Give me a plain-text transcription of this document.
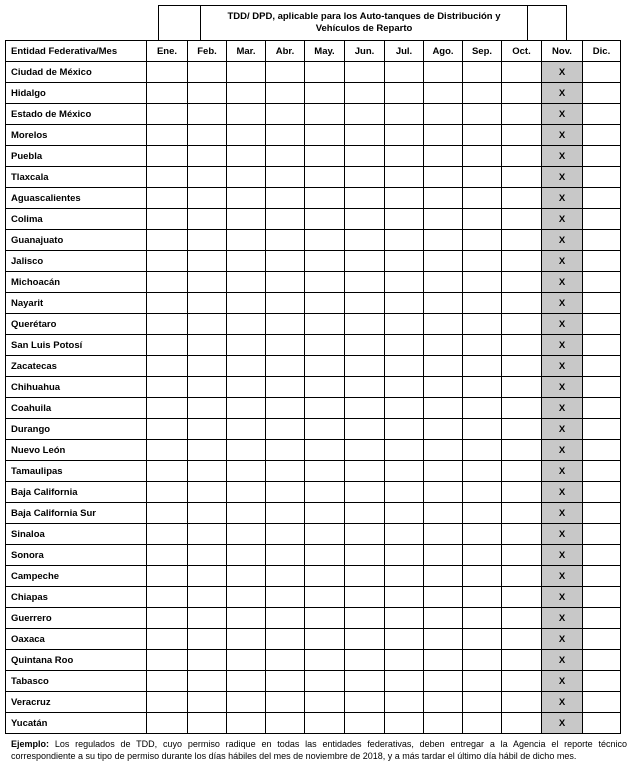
	TDD/ DPD, aplicable para los Auto-tanques de Distribución y
Vehículos de Reparto	
Entidad Federativa/Mes	Ene.	Feb.	Mar.	Abr.	May.	Jun.	Jul.	Ago.	Sep.	Oct.	Nov.	Dic.
Ciudad de México											X	
Hidalgo											X	
Estado de México											X	
Morelos											X	
Puebla											X	
Tlaxcala											X	
Aguascalientes											X	
Colima											X	
Guanajuato											X	
Jalisco											X	
Michoacán											X	
Nayarit											X	
Querétaro											X	
San Luis Potosí											X	
Zacatecas											X	
Chihuahua											X	
Coahuila											X	
Durango											X	
Nuevo León											X	
Tamaulipas											X	
Baja California											X	
Baja California Sur											X	
Sinaloa											X	
Sonora											X	
Campeche											X	
Chiapas											X	
Guerrero											X	
Oaxaca											X	
Quintana Roo											X	
Tabasco											X	
Veracruz											X	
Yucatán											X	

Ejemplo: Los regulados de TDD, cuyo permiso radique en todas las entidades federativas, deben entregar a la Agencia el reporte técnico correspondiente a su tipo de permiso durante los días hábiles del mes de noviembre de 2018, y a más tardar el último día hábil de dicho mes.
